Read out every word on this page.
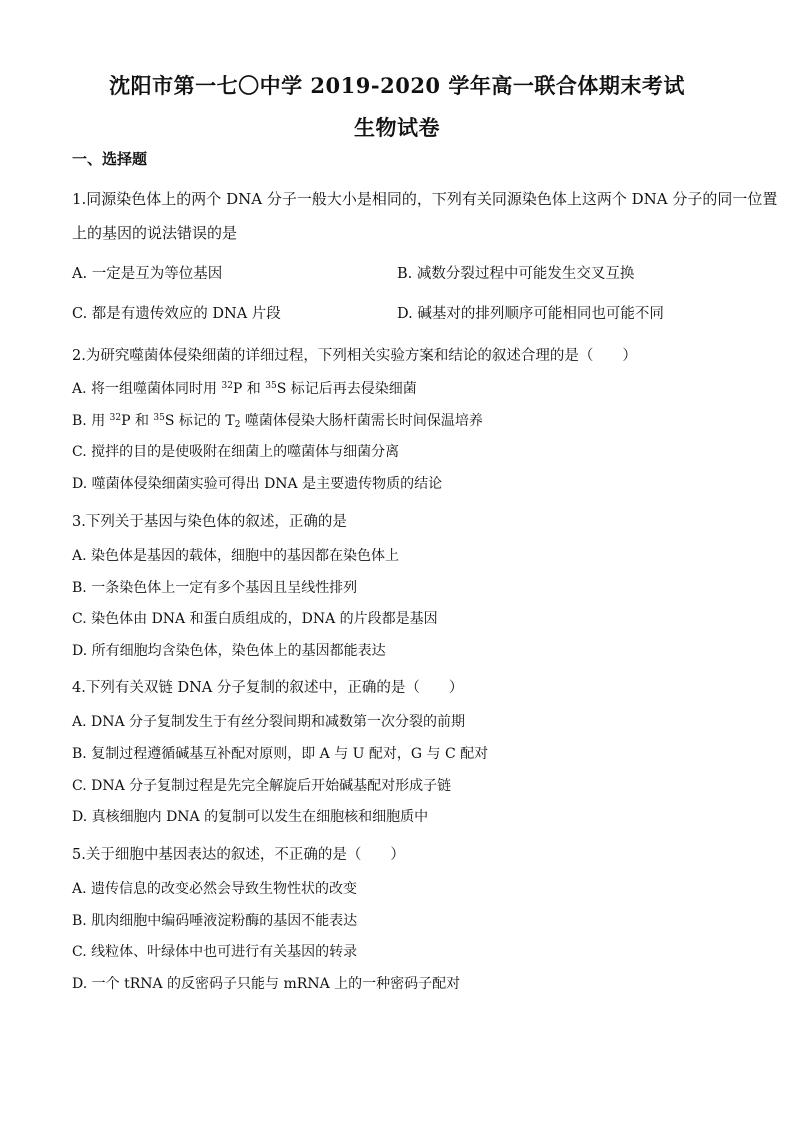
沈阳市第一七〇中学 2019-2020 学年高一联合体期末考试
生物试卷
一、选择题
1.同源染色体上的两个 DNA 分子一般大小是相同的，下列有关同源染色体上这两个 DNA 分子的同一位置
上的基因的说法错误的是
A. 一定是互为等位基因	B. 减数分裂过程中可能发生交叉互换
C. 都是有遗传效应的 DNA 片段	D. 碱基对的排列顺序可能相同也可能不同
2.为研究噬菌体侵染细菌的详细过程，下列相关实验方案和结论的叙述合理的是（　　）
A. 将一组噬菌体同时用 $^{32}$P 和 $^{35}$S 标记后再去侵染细菌
B. 用 $^{32}$P 和 $^{35}$S 标记的 $T_2$ 噬菌体侵染大肠杆菌需长时间保温培养
C. 搅拌的目的是使吸附在细菌上的噬菌体与细菌分离
D. 噬菌体侵染细菌实验可得出 DNA 是主要遗传物质的结论
3.下列关于基因与染色体的叙述，正确的是
A. 染色体是基因的载体，细胞中的基因都在染色体上
B. 一条染色体上一定有多个基因且呈线性排列
C. 染色体由 DNA 和蛋白质组成的，DNA 的片段都是基因
D. 所有细胞均含染色体，染色体上的基因都能表达
4.下列有关双链 DNA 分子复制的叙述中，正确的是（　　）
A. DNA 分子复制发生于有丝分裂间期和减数第一次分裂的前期
B. 复制过程遵循碱基互补配对原则，即 A 与 U 配对，G 与 C 配对
C. DNA 分子复制过程是先完全解旋后开始碱基配对形成子链
D. 真核细胞内 DNA 的复制可以发生在细胞核和细胞质中
5.关于细胞中基因表达的叙述，不正确的是（　　）
A. 遗传信息的改变必然会导致生物性状的改变
B. 肌肉细胞中编码唾液淀粉酶的基因不能表达
C. 线粒体、叶绿体中也可进行有关基因的转录
D. 一个 tRNA 的反密码子只能与 mRNA 上的一种密码子配对
